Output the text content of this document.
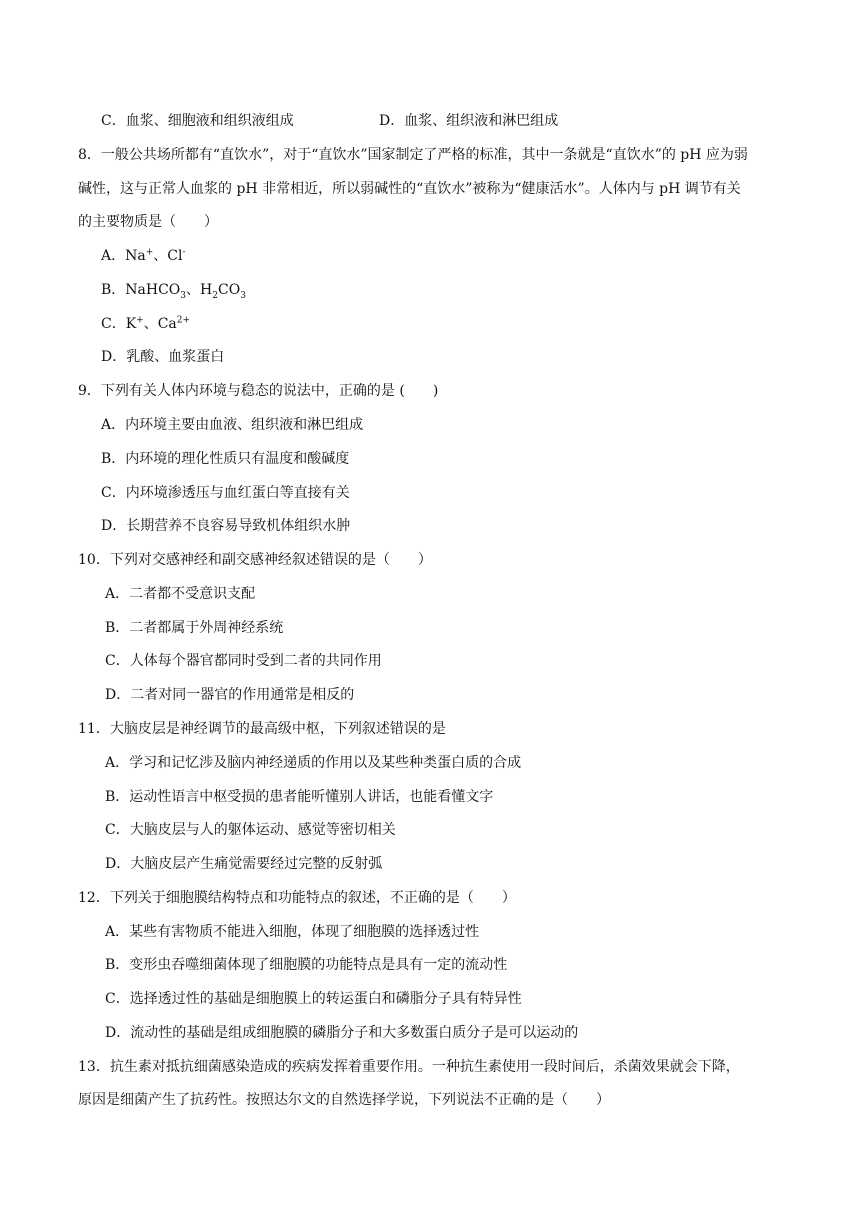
C．血浆、细胞液和组织液组成	D．血浆、组织液和淋巴组成
8．一般公共场所都有“直饮水”，对于“直饮水”国家制定了严格的标准，其中一条就是“直饮水”的 pH 应为弱
碱性，这与正常人血浆的 pH 非常相近，所以弱碱性的“直饮水”被称为“健康活水”。人体内与 pH 调节有关
的主要物质是（　　）
A．Na+、Cl-
B．NaHCO$_3$、$H_2CO_3$
C．K+、$Ca^{2+}$
D．乳酸、血浆蛋白
9．下列有关人体内环境与稳态的说法中，正确的是 (　　)
A．内环境主要由血液、组织液和淋巴组成
B．内环境的理化性质只有温度和酸碱度
C．内环境渗透压与血红蛋白等直接有关
D．长期营养不良容易导致机体组织水肿
10．下列对交感神经和副交感神经叙述错误的是（　　）
A．二者都不受意识支配
B．二者都属于外周神经系统
C．人体每个器官都同时受到二者的共同作用
D．二者对同一器官的作用通常是相反的
11．大脑皮层是神经调节的最高级中枢，下列叙述错误的是
A．学习和记忆涉及脑内神经递质的作用以及某些种类蛋白质的合成
B．运动性语言中枢受损的患者能听懂别人讲话，也能看懂文字
C．大脑皮层与人的躯体运动、感觉等密切相关
D．大脑皮层产生痛觉需要经过完整的反射弧
12．下列关于细胞膜结构特点和功能特点的叙述，不正确的是（　　）
A．某些有害物质不能进入细胞，体现了细胞膜的选择透过性
B．变形虫吞噬细菌体现了细胞膜的功能特点是具有一定的流动性
C．选择透过性的基础是细胞膜上的转运蛋白和磷脂分子具有特异性
D．流动性的基础是组成细胞膜的磷脂分子和大多数蛋白质分子是可以运动的
13．抗生素对抵抗细菌感染造成的疾病发挥着重要作用。一种抗生素使用一段时间后，杀菌效果就会下降，
原因是细菌产生了抗药性。按照达尔文的自然选择学说，下列说法不正确的是（　　）
